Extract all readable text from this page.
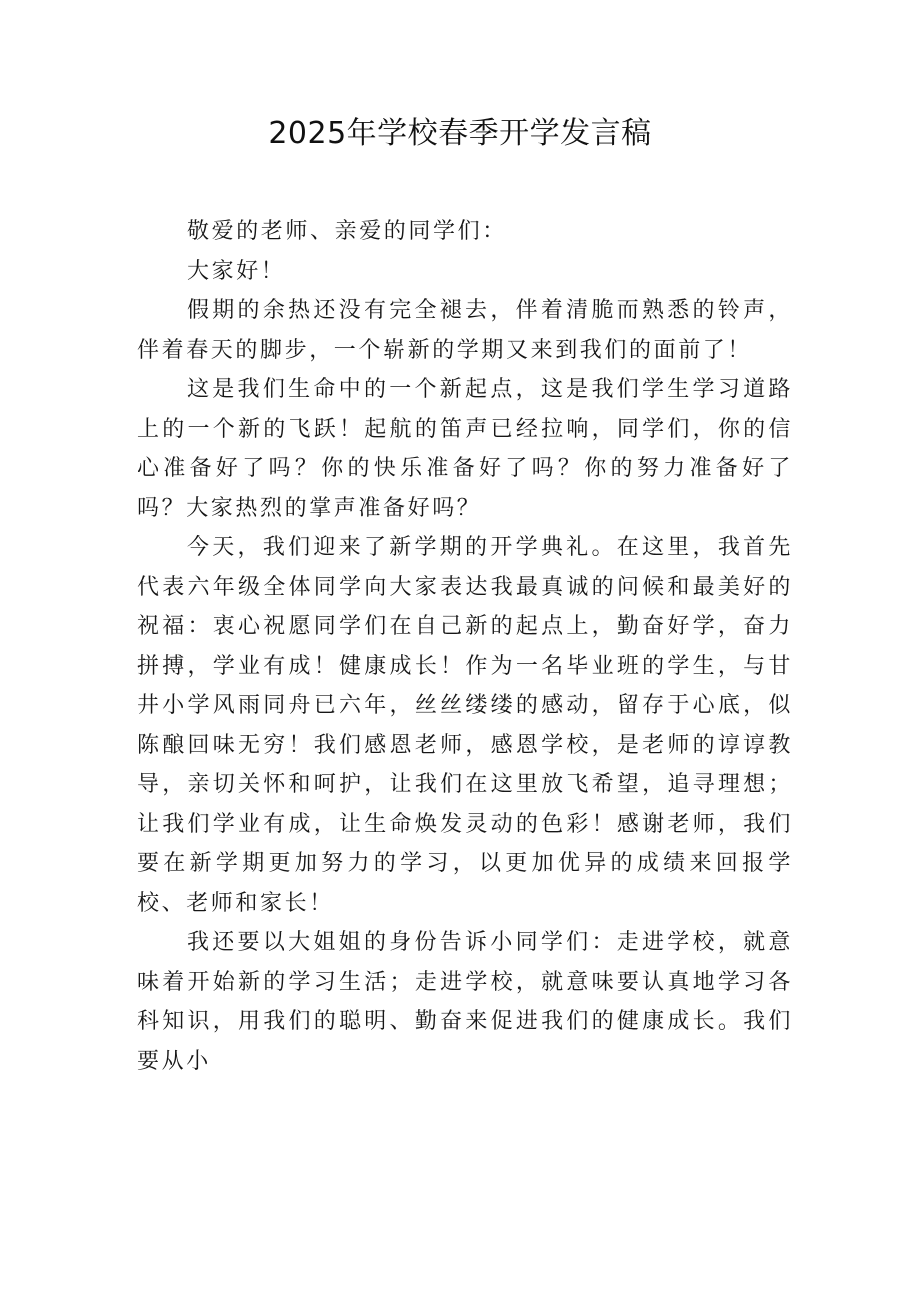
2025年学校春季开学发言稿

敬爱的老师、亲爱的同学们：

大家好！

假期的余热还没有完全褪去，伴着清脆而熟悉的铃声，伴着春天的脚步，一个崭新的学期又来到我们的面前了！

这是我们生命中的一个新起点，这是我们学生学习道路上的一个新的飞跃！起航的笛声已经拉响，同学们，你的信心准备好了吗？你的快乐准备好了吗？你的努力准备好了吗？大家热烈的掌声准备好吗？

今天，我们迎来了新学期的开学典礼。在这里，我首先代表六年级全体同学向大家表达我最真诚的问候和最美好的祝福：衷心祝愿同学们在自己新的起点上，勤奋好学，奋力拼搏，学业有成！健康成长！作为一名毕业班的学生，与甘井小学风雨同舟已六年，丝丝缕缕的感动，留存于心底，似陈酿回味无穷！我们感恩老师，感恩学校，是老师的谆谆教导，亲切关怀和呵护，让我们在这里放飞希望，追寻理想；让我们学业有成，让生命焕发灵动的色彩！感谢老师，我们要在新学期更加努力的学习，以更加优异的成绩来回报学校、老师和家长！

我还要以大姐姐的身份告诉小同学们：走进学校，就意味着开始新的学习生活；走进学校，就意味要认真地学习各科知识，用我们的聪明、勤奋来促进我们的健康成长。我们要从小
